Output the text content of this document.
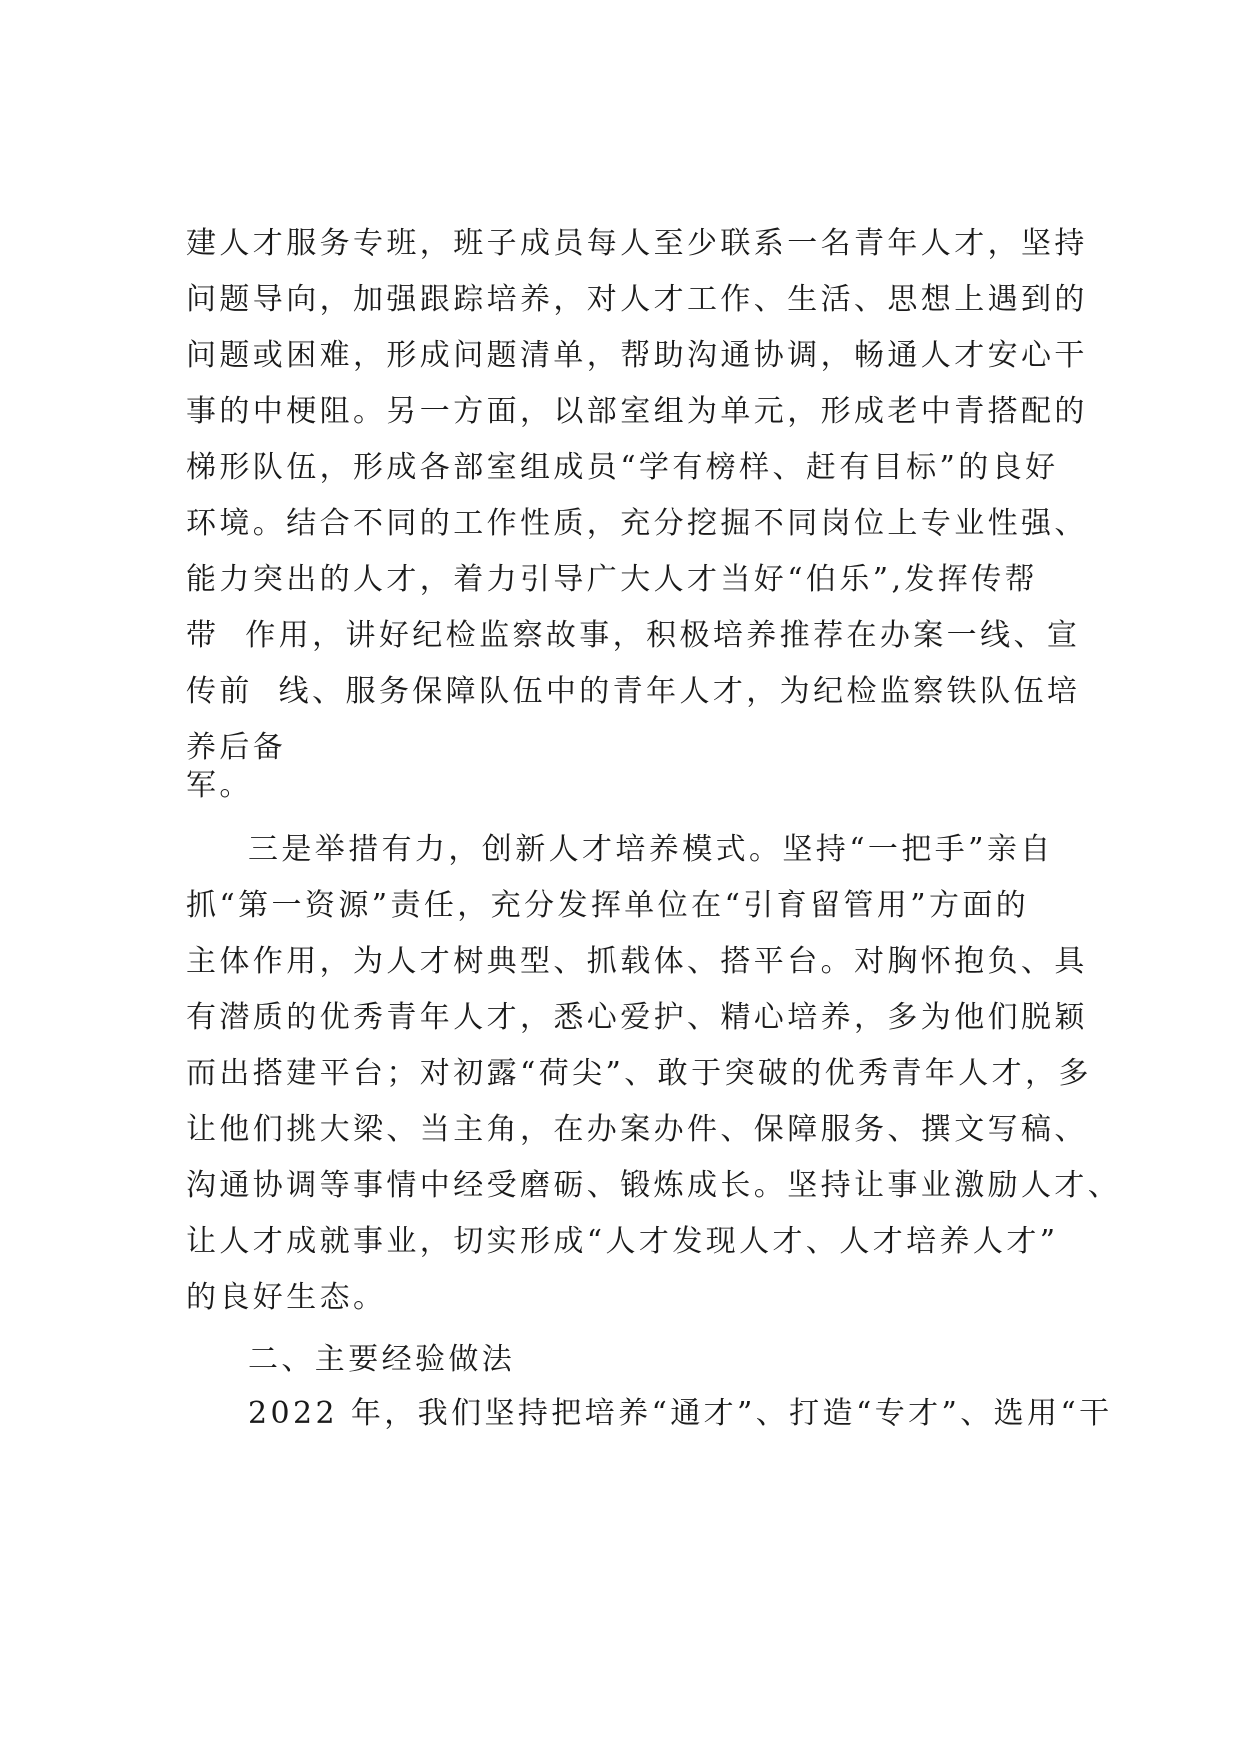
建人才服务专班，班子成员每人至少联系一名青年人才，坚持
问题导向，加强跟踪培养，对人才工作、生活、思想上遇到的
问题或困难，形成问题清单，帮助沟通协调，畅通人才安心干
事的中梗阻。另一方面，以部室组为单元，形成老中青搭配的
梯形队伍，形成各部室组成员“学有榜样、赶有目标”的良好
环境。结合不同的工作性质，充分挖掘不同岗位上专业性强、
能力突出的人才，着力引导广大人才当好“伯乐”,发挥传帮
带  作用，讲好纪检监察故事，积极培养推荐在办案一线、宣
传前  线、服务保障队伍中的青年人才，为纪检监察铁队伍培
养后备
军。
三是举措有力，创新人才培养模式。坚持“一把手”亲自
抓“第一资源”责任，充分发挥单位在“引育留管用”方面的
主体作用，为人才树典型、抓载体、搭平台。对胸怀抱负、具
有潜质的优秀青年人才，悉心爱护、精心培养，多为他们脱颖
而出搭建平台；对初露“荷尖”、敢于突破的优秀青年人才，多
让他们挑大梁、当主角，在办案办件、保障服务、撰文写稿、
沟通协调等事情中经受磨砺、锻炼成长。坚持让事业激励人才、
让人才成就事业，切实形成“人才发现人才、人才培养人才”
的良好生态。
二、主要经验做法
2022 年，我们坚持把培养“通才”、打造“专才”、选用“干
